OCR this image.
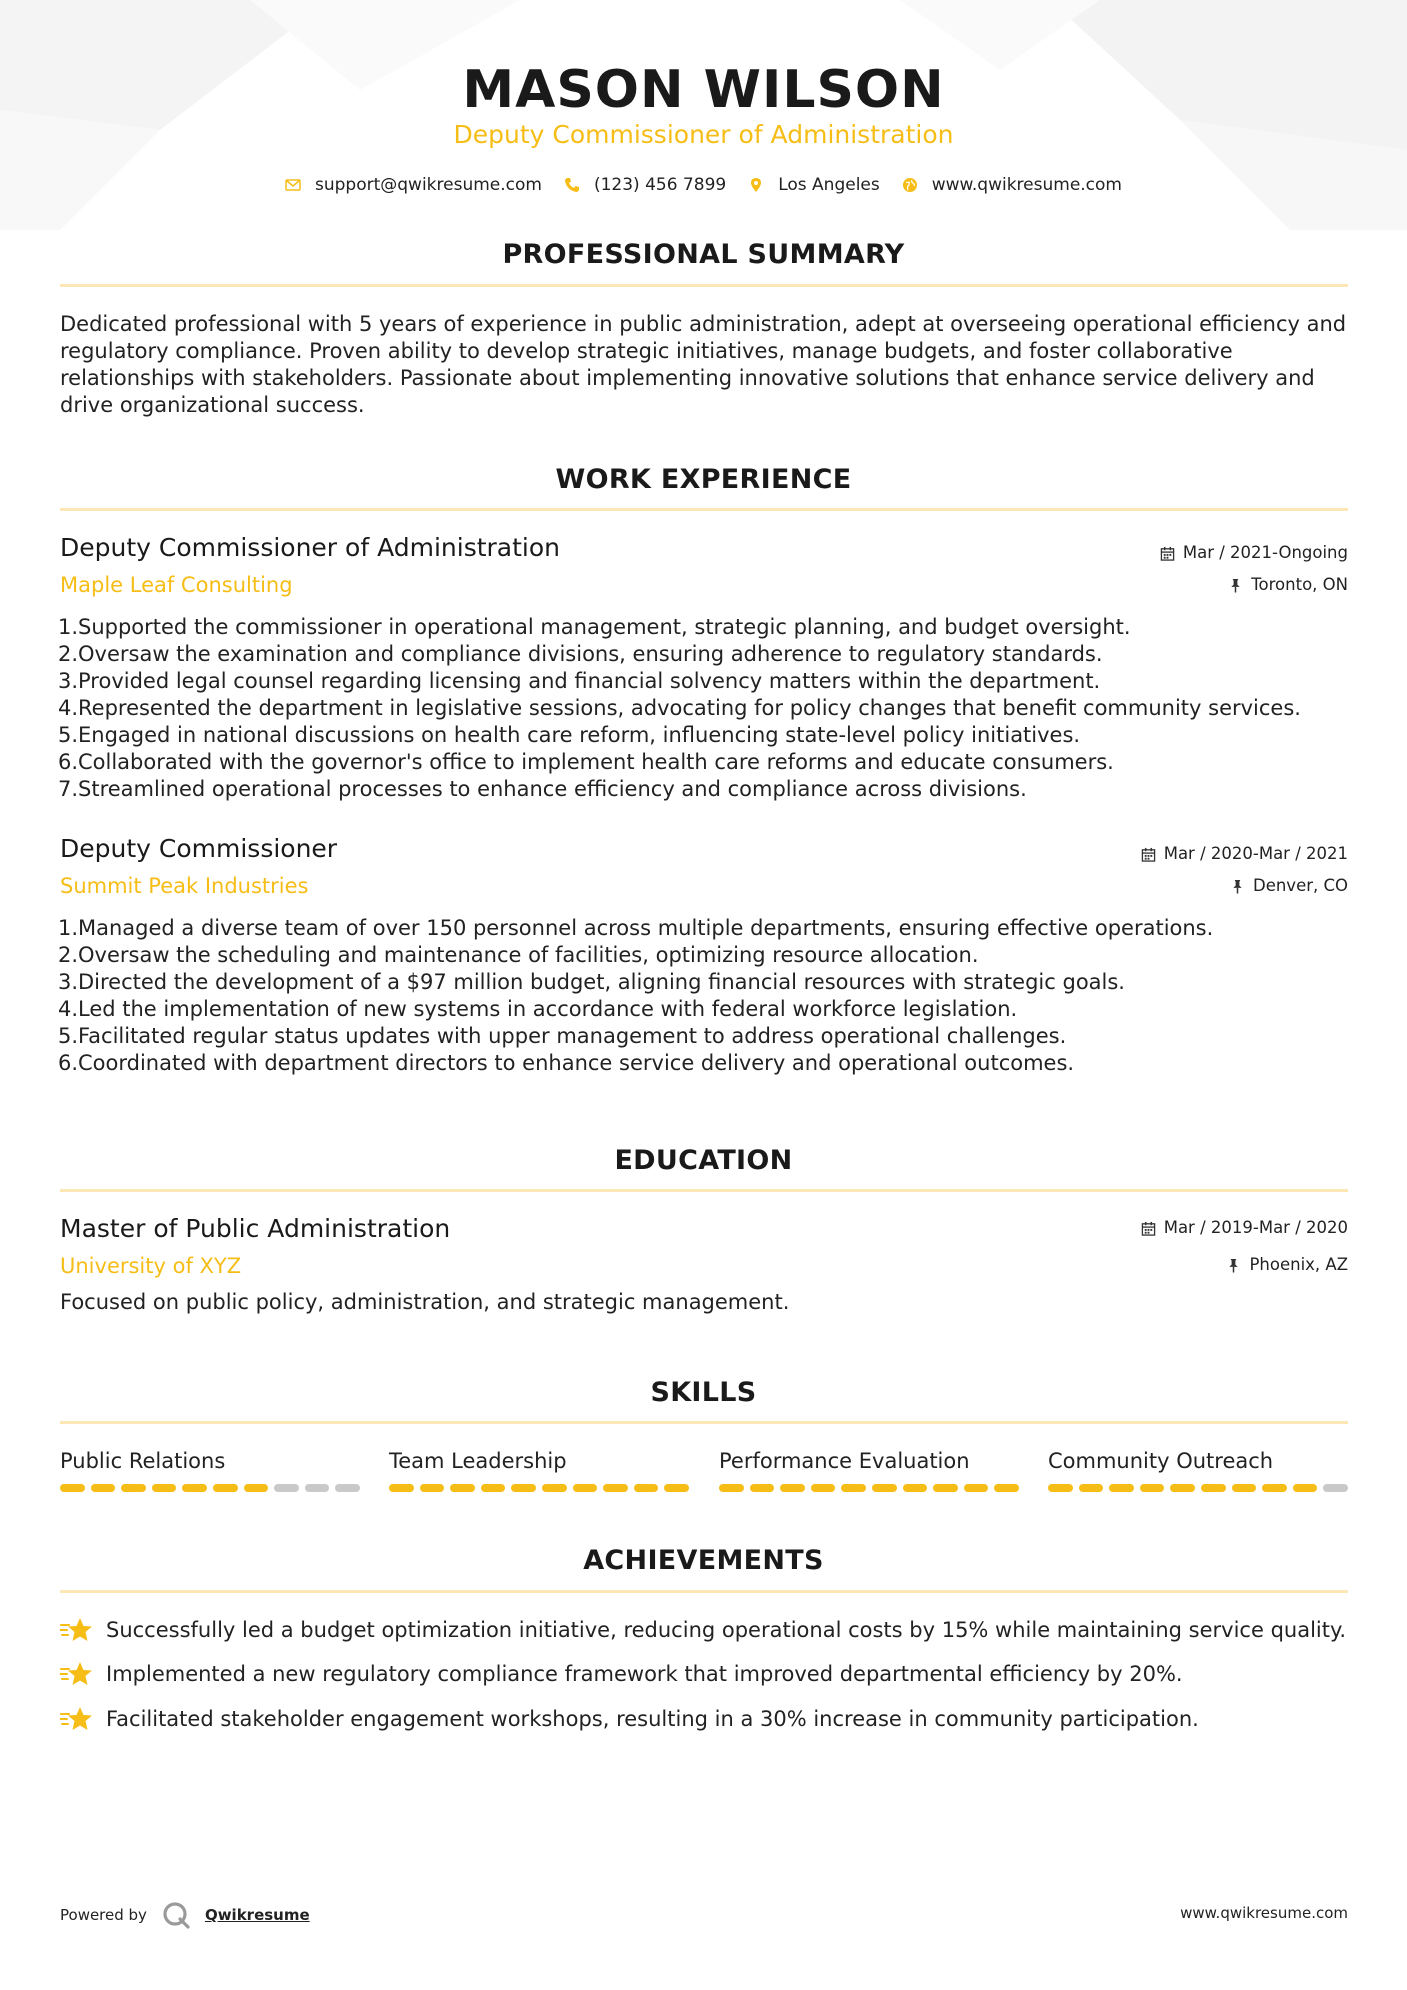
MASON WILSON
Deputy Commissioner of Administration
support@qwikresume.com	(123) 456 7899	Los Angeles	www.qwikresume.com
PROFESSIONAL SUMMARY
Dedicated professional with 5 years of experience in public administration, adept at overseeing operational efficiency and regulatory compliance. Proven ability to develop strategic initiatives, manage budgets, and foster collaborative relationships with stakeholders. Passionate about implementing innovative solutions that enhance service delivery and drive organizational success.
WORK EXPERIENCE
Deputy Commissioner of Administration	Mar / 2021-Ongoing
Maple Leaf Consulting	Toronto, ON
1. Supported the commissioner in operational management, strategic planning, and budget oversight.
2. Oversaw the examination and compliance divisions, ensuring adherence to regulatory standards.
3. Provided legal counsel regarding licensing and financial solvency matters within the department.
4. Represented the department in legislative sessions, advocating for policy changes that benefit community services.
5. Engaged in national discussions on health care reform, influencing state-level policy initiatives.
6. Collaborated with the governor's office to implement health care reforms and educate consumers.
7. Streamlined operational processes to enhance efficiency and compliance across divisions.
Deputy Commissioner	Mar / 2020-Mar / 2021
Summit Peak Industries	Denver, CO
1. Managed a diverse team of over 150 personnel across multiple departments, ensuring effective operations.
2. Oversaw the scheduling and maintenance of facilities, optimizing resource allocation.
3. Directed the development of a $97 million budget, aligning financial resources with strategic goals.
4. Led the implementation of new systems in accordance with federal workforce legislation.
5. Facilitated regular status updates with upper management to address operational challenges.
6. Coordinated with department directors to enhance service delivery and operational outcomes.
EDUCATION
Master of Public Administration	Mar / 2019-Mar / 2020
University of XYZ	Phoenix, AZ
Focused on public policy, administration, and strategic management.
SKILLS
Public Relations	Team Leadership	Performance Evaluation	Community Outreach
ACHIEVEMENTS
Successfully led a budget optimization initiative, reducing operational costs by 15% while maintaining service quality.
Implemented a new regulatory compliance framework that improved departmental efficiency by 20%.
Facilitated stakeholder engagement workshops, resulting in a 30% increase in community participation.
Powered by	Qwikresume	www.qwikresume.com
